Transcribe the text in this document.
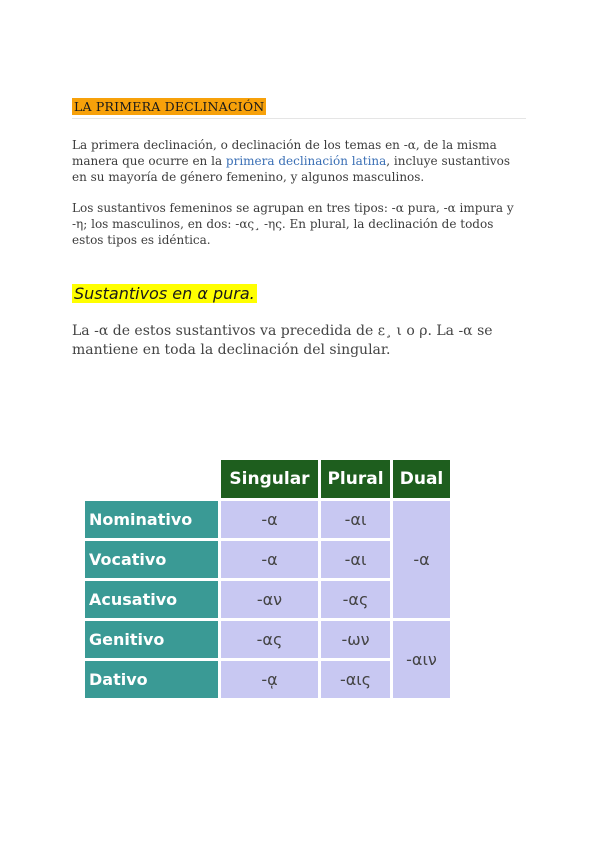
LA PRIMERA DECLINACIÓN

La primera declinación, o declinación de los temas en -α, de la misma manera que ocurre en la primera declinación latina, incluye sustantivos en su mayoría de género femenino, y algunos masculinos.

Los sustantivos femeninos se agrupan en tres tipos: -α pura, -α impura y -η; los masculinos, en dos: -ας¸ -ης. En plural, la declinación de todos estos tipos es idéntica.

Sustantivos en α pura.

La -α de estos sustantivos va precedida de ε¸ ι o ρ. La -α se mantiene en toda la declinación del singular.

	Singular	Plural	Dual
Nominativo	-α	-αι	-α
Vocativo	-α	-αι	
Acusativo	-αν	-ας	
Genitivo	-ας	-ων	-αιν
Dativo	-ᾳ	-αις	
